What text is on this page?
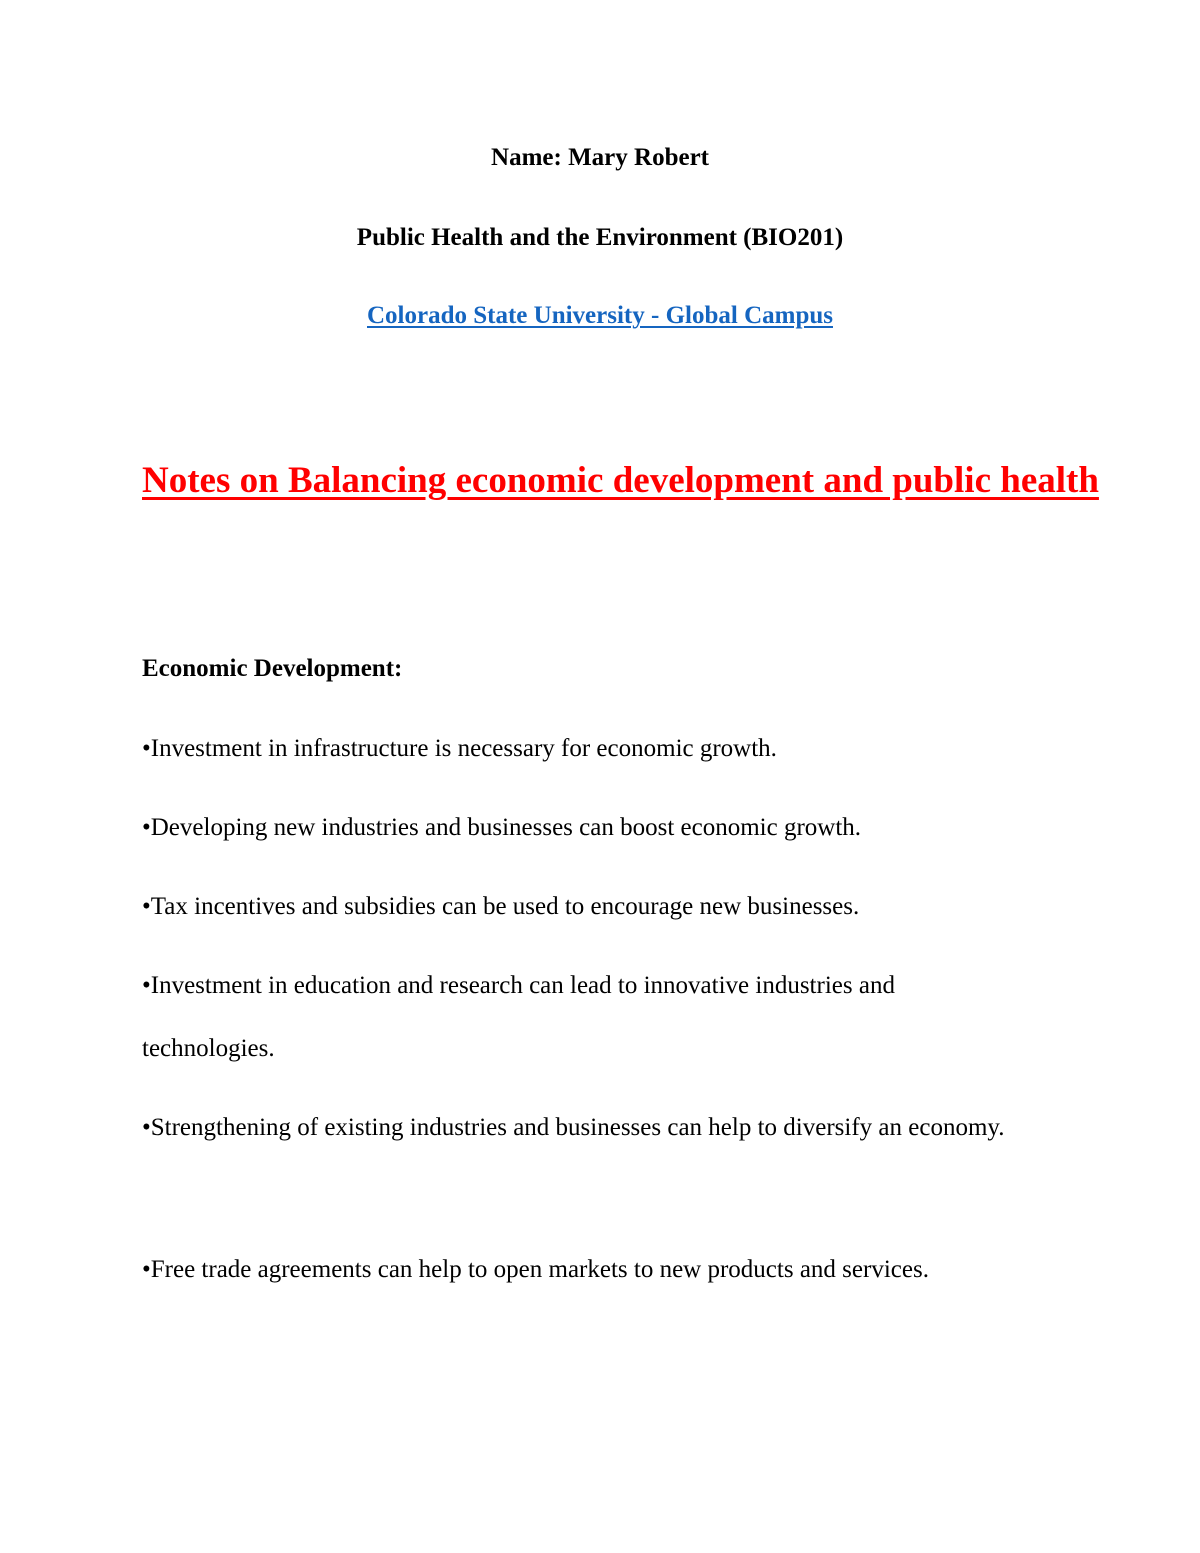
Name: Mary Robert
Public Health and the Environment (BIO201)
Colorado State University - Global Campus
Notes on Balancing economic development and public health
Economic Development:
•Investment in infrastructure is necessary for economic growth.
•Developing new industries and businesses can boost economic growth.
•Tax incentives and subsidies can be used to encourage new businesses.
•Investment in education and research can lead to innovative industries and technologies.
•Strengthening of existing industries and businesses can help to diversify an economy.
•Free trade agreements can help to open markets to new products and services.
